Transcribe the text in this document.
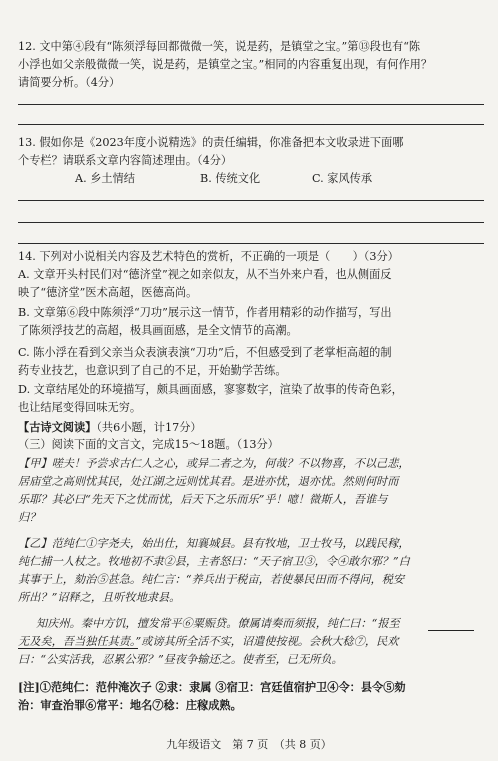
12. 文中第④段有“陈须浮每回都微微一笑，说是药，是镇堂之宝。”第⑬段也有“陈
小浮也如父亲般微微一笑，说是药，是镇堂之宝。”相同的内容重复出现，有何作用？
请简要分析。（4分）
13. 假如你是《2023年度小说精选》的责任编辑，你准备把本文收录进下面哪
个专栏？请联系文章内容简述理由。（4分）
A. 乡土情结	B. 传统文化	C. 家风传承
14. 下列对小说相关内容及艺术特色的赏析，不正确的一项是（　　）（3分）
A. 文章开头村民们对“德济堂”视之如亲似友，从不当外来户看，也从侧面反
映了“德济堂”医术高超，医德高尚。
B. 文章第⑥段中陈须浮“刀功”展示这一情节，作者用精彩的动作描写，写出
了陈须浮技艺的高超，极具画面感，是全文情节的高潮。
C. 陈小浮在看到父亲当众表演表演“刀功”后，不但感受到了老掌柜高超的制
药专业技艺，也意识到了自己的不足，开始勤学苦练。
D. 文章结尾处的环境描写，颇具画面感，寥寥数字，渲染了故事的传奇色彩，
也让结尾变得回味无穷。
【古诗文阅读】（共6小题，计17分）
（三）阅读下面的文言文，完成15～18题。（13分）
【甲】嗟夫！予尝求古仁人之心，或异二者之为，何哉？不以物喜，不以己悲，
居庙堂之高则忧其民，处江湖之远则忧其君。是进亦忧，退亦忧。然则何时而
乐耶？其必曰“先天下之忧而忧，后天下之乐而乐”乎！噫！微斯人，吾谁与
归？
【乙】范纯仁①字尧夫，始出仕，知襄城县。县有牧地，卫士牧马，以践民稼，
纯仁捕一人杖之。牧地初不隶②县，主者怒曰：“天子宿卫③，令④敢尔邪？”白
其事于上，劾治⑤甚急。纯仁言：“养兵出于税亩，若使暴民田而不得问，税安
所出？”诏释之，且听牧地隶县。
知庆州。秦中方饥，擅发常平⑥粟赈贷。僚属请奏而须报，纯仁曰：“报至
无及矣，吾当独任其责。”或谤其所全活不实，诏遣使按视。会秋大稔⑦，民欢
曰：“公实活我，忍累公邪？”昼夜争输还之。使者至，已无所负。
[注]①范纯仁：范仲淹次子 ②隶：隶属 ③宿卫：宫廷值宿护卫④令：县令⑤劾
治：审查治罪⑥常平：地名⑦稔：庄稼成熟。
九年级语文　第 7 页　（共 8 页）
